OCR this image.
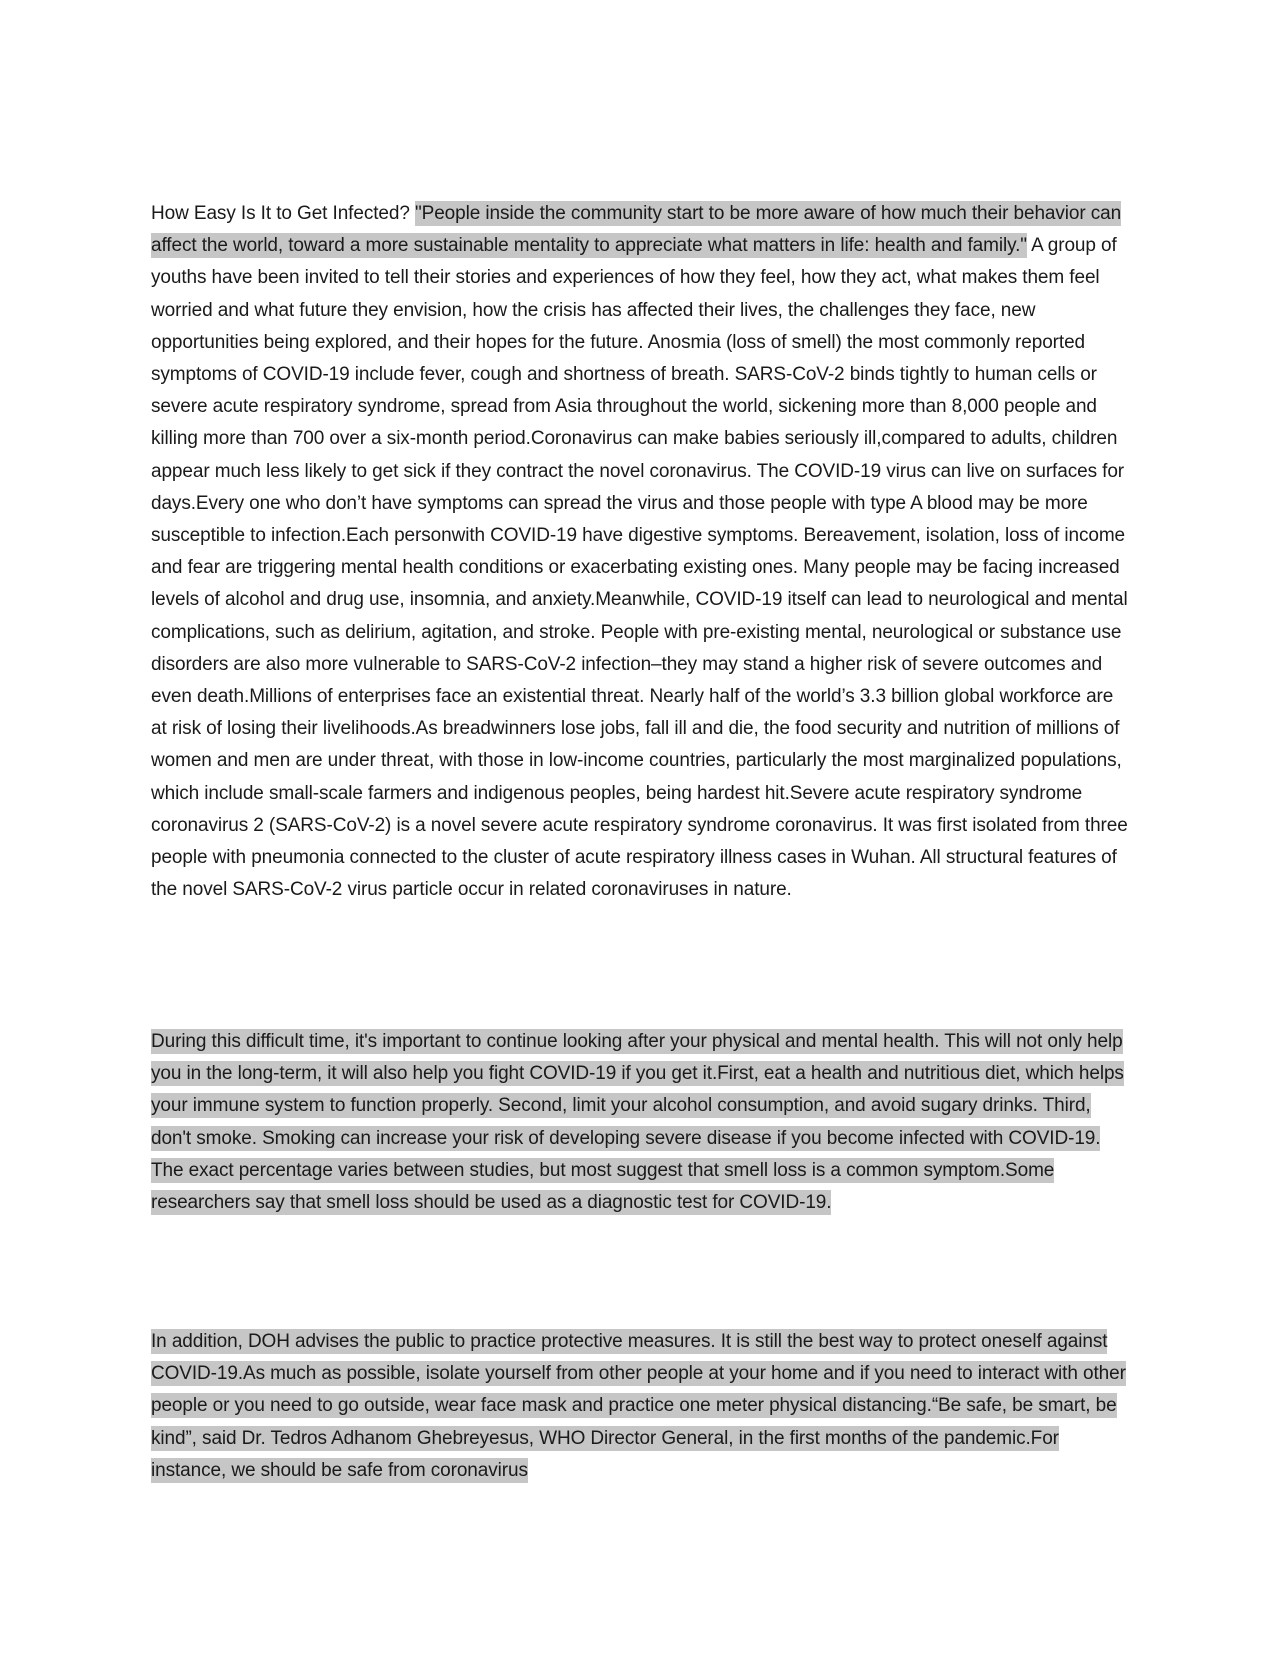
How Easy Is It to Get Infected? "People inside the community start to be more aware of how much their behavior can affect the world, toward a more sustainable mentality to appreciate what matters in life: health and family." A group of youths have been invited to tell their stories and experiences of how they feel, how they act, what makes them feel worried and what future they envision, how the crisis has affected their lives, the challenges they face, new opportunities being explored, and their hopes for the future. Anosmia (loss of smell) the most commonly reported symptoms of COVID-19 include fever, cough and shortness of breath. SARS-CoV-2 binds tightly to human cells or severe acute respiratory syndrome, spread from Asia throughout the world, sickening more than 8,000 people and killing more than 700 over a six-month period.Coronavirus can make babies seriously ill,compared to adults, children appear much less likely to get sick if they contract the novel coronavirus. The COVID-19 virus can live on surfaces for days.Every one who don’t have symptoms can spread the virus and those people with type A blood may be more susceptible to infection.Each personwith COVID-19 have digestive symptoms. Bereavement, isolation, loss of income and fear are triggering mental health conditions or exacerbating existing ones. Many people may be facing increased levels of alcohol and drug use, insomnia, and anxiety.Meanwhile, COVID-19 itself can lead to neurological and mental complications, such as delirium, agitation, and stroke. People with pre-existing mental, neurological or substance use disorders are also more vulnerable to SARS-CoV-2 infection–they may stand a higher risk of severe outcomes and even death.Millions of enterprises face an existential threat. Nearly half of the world’s 3.3 billion global workforce are at risk of losing their livelihoods.As breadwinners lose jobs, fall ill and die, the food security and nutrition of millions of women and men are under threat, with those in low-income countries, particularly the most marginalized populations, which include small-scale farmers and indigenous peoples, being hardest hit.Severe acute respiratory syndrome coronavirus 2 (SARS-CoV-2) is a novel severe acute respiratory syndrome coronavirus. It was first isolated from three people with pneumonia connected to the cluster of acute respiratory illness cases in Wuhan. All structural features of the novel SARS-CoV-2 virus particle occur in related coronaviruses in nature.
During this difficult time, it's important to continue looking after your physical and mental health. This will not only help you in the long-term, it will also help you fight COVID-19 if you get it.First, eat a health and nutritious diet, which helps your immune system to function properly. Second, limit your alcohol consumption, and avoid sugary drinks. Third, don't smoke. Smoking can increase your risk of developing severe disease if you become infected with COVID-19. The exact percentage varies between studies, but most suggest that smell loss is a common symptom.Some researchers say that smell loss should be used as a diagnostic test for COVID-19.
In addition, DOH advises the public to practice protective measures. It is still the best way to protect oneself against COVID-19.As much as possible, isolate yourself from other people at your home and if you need to interact with other people or you need to go outside, wear face mask and practice one meter physical distancing.“Be safe, be smart, be kind”, said Dr. Tedros Adhanom Ghebreyesus, WHO Director General, in the first months of the pandemic.For instance, we should be safe from coronavirus
